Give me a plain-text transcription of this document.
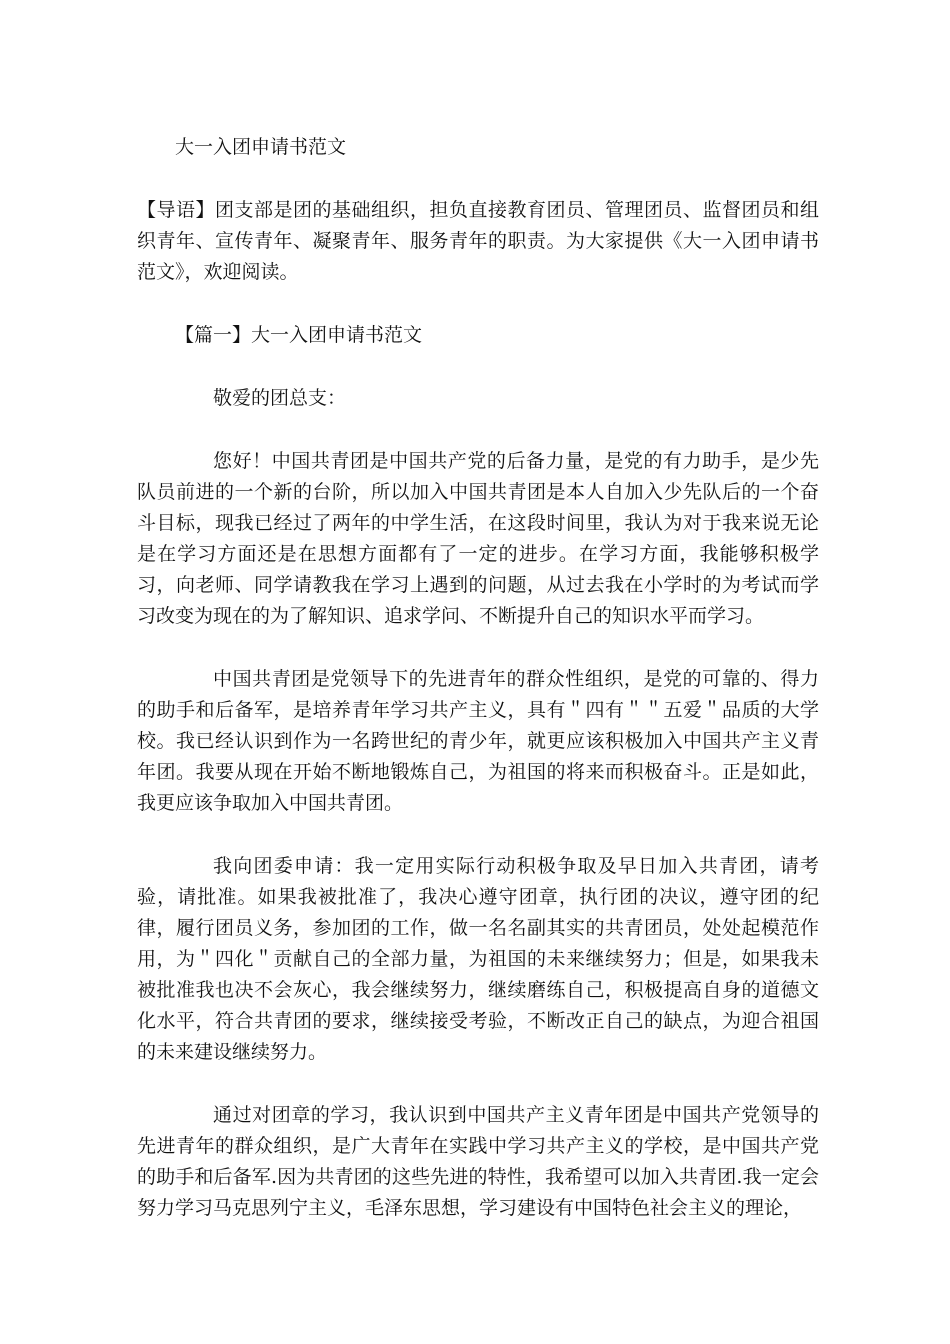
大一入团申请书范文

【导语】团支部是团的基础组织，担负直接教育团员、管理团员、监督团员和组织青年、宣传青年、凝聚青年、服务青年的职责。为大家提供《大一入团申请书范文》，欢迎阅读。

【篇一】大一入团申请书范文

敬爱的团总支：

您好！中国共青团是中国共产党的后备力量，是党的有力助手，是少先队员前进的一个新的台阶，所以加入中国共青团是本人自加入少先队后的一个奋斗目标，现我已经过了两年的中学生活，在这段时间里，我认为对于我来说无论是在学习方面还是在思想方面都有了一定的进步。在学习方面，我能够积极学习，向老师、同学请教我在学习上遇到的问题，从过去我在小学时的为考试而学习改变为现在的为了解知识、追求学问、不断提升自己的知识水平而学习。

中国共青团是党领导下的先进青年的群众性组织，是党的可靠的、得力的助手和后备军，是培养青年学习共产主义，具有＂四有＂＂五爱＂品质的大学校。我已经认识到作为一名跨世纪的青少年，就更应该积极加入中国共产主义青年团。我要从现在开始不断地锻炼自己，为祖国的将来而积极奋斗。正是如此，我更应该争取加入中国共青团。

我向团委申请：我一定用实际行动积极争取及早日加入共青团，请考验，请批准。如果我被批准了，我决心遵守团章，执行团的决议，遵守团的纪律，履行团员义务，参加团的工作，做一名名副其实的共青团员，处处起模范作用，为＂四化＂贡献自己的全部力量，为祖国的未来继续努力；但是，如果我未被批准我也决不会灰心，我会继续努力，继续磨练自己，积极提高自身的道德文化水平，符合共青团的要求，继续接受考验，不断改正自己的缺点，为迎合祖国的未来建设继续努力。

通过对团章的学习，我认识到中国共产主义青年团是中国共产党领导的先进青年的群众组织，是广大青年在实践中学习共产主义的学校，是中国共产党的助手和后备军.因为共青团的这些先进的特性，我希望可以加入共青团.我一定会努力学习马克思列宁主义，毛泽东思想，学习建设有中国特色社会主义的理论，
